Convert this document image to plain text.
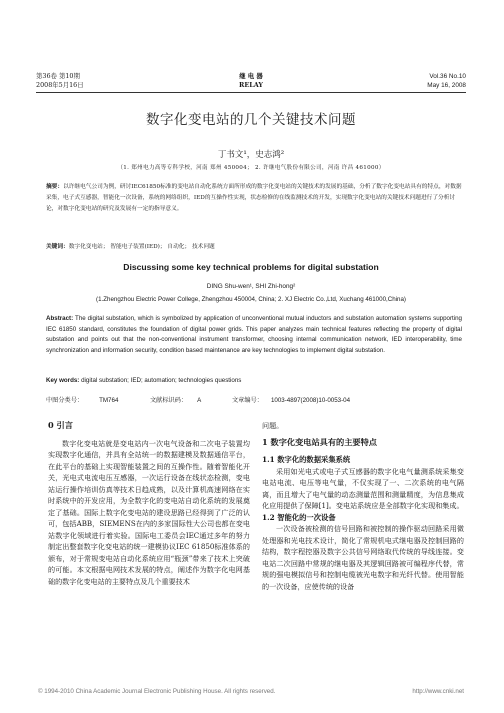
第36卷 第10期
2008年5月16日
继 电 器
RELAY
Vol.36 No.10
May 16, 2008
数字化变电站的几个关键技术问题
丁书文¹，史志鸿²
（1. 郑州电力高等专科学校，河南 郑州 450004； 2. 许继电气股份有限公司，河南 许昌 461000）
摘要：以许继电气公司为例，研讨IEC61850标准的变电站自动化系统方面所形成的数字化变电站的关键技术的发展的基础，分析了数字化变电站具有的特点，对数据采集，电子式互感器，智能化一次设备，系统的网络组织，IED的互操作性实现，状态检修的在线监测技术的开发，实现数字化变电站的关键技术问题进行了分析讨论，对数字化变电站的研究及发展有一定的指导意义。
关键词：数字化变电站； 智能电子装置(IED)； 自动化； 技术问题
Discussing some key technical problems for digital substation
DING Shu-wen¹, SHI Zhi-hong²
(1.Zhengzhou Electric Power College, Zhengzhou 450004, China; 2. XJ Electric Co.,Ltd, Xuchang 461000,China)
Abstract: The digital substation, which is symbolized by application of unconventional mutual inductors and substation automation systems supporting IEC 61850 standard, constitutes the foundation of digital power grids. This paper analyzes main technical features reflecting the property of digital substation and points out that the non-conventional instrument transformer, choosing internal communication network, IED interoperability, time synchronization and information security, condition based maintenance are key technologies to implement digital substation.
Key words: digital substation; IED; automation; technologies questions
中图分类号：	TM764	文献标识码： A	文章编号： 1003-4897(2008)10-0053-04
0 引言

数字化变电站就是变电站内一次电气设备和二次电子装置均实现数字化通信，并具有全站统一的数据建模及数据通信平台，在此平台的基础上实现智能装置之间的互操作性。随着智能化开关，光电式电流电压互感器，一次运行设备在线状态检测，变电站运行操作培训仿真等技术日趋成熟，以及计算机高速网络在实时系统中的开发应用，为全数字化的变电站自动化系统的发展奠定了基础。国际上数字化变电站的建设思路已经得到了广泛的认可，包括ABB，SIEMENS在内的多家国际性大公司也都在变电站数字化领域进行着实验。国际电工委员会IEC通过多年的努力制定出整套数字化变电站的统一建模协议IEC 61850标准体系的颁布，对于常规变电站自动化系统应用“瓶颈”带来了技术上突破的可能。本文根据电网技术发展的特点，阐述作为数字化电网基础的数字化变电站的主要特点及几个重要技术

问题。

1 数字化变电站具有的主要特点
1.1 数字化的数据采集系统

采用如光电式或电子式互感器的数字化电气量测系统采集变电站电流、电压等电气量，不仅实现了一、二次系统的电气隔离，而且增大了电气量的动态测量范围和测量精度，为信息集成化应用提供了保障[1]。变电站系统应是全部数字化实现和集成。

1.2 智能化的一次设备

一次设备被检测的信号回路和被控制的操作驱动回路采用微处理器和光电技术设计，简化了常规机电式继电器及控制回路的结构，数字程控器及数字公共信号网络取代传统的导线连接。变电站二次回路中常规的继电器及其逻辑回路被可编程序代替，常规的强电模拟信号和控制电缆被光电数字和光纤代替。使用智能的一次设备，应使传统的设备

© 1994-2010 China Academic Journal Electronic Publishing House. All rights reserved.	http://www.cnki.net
